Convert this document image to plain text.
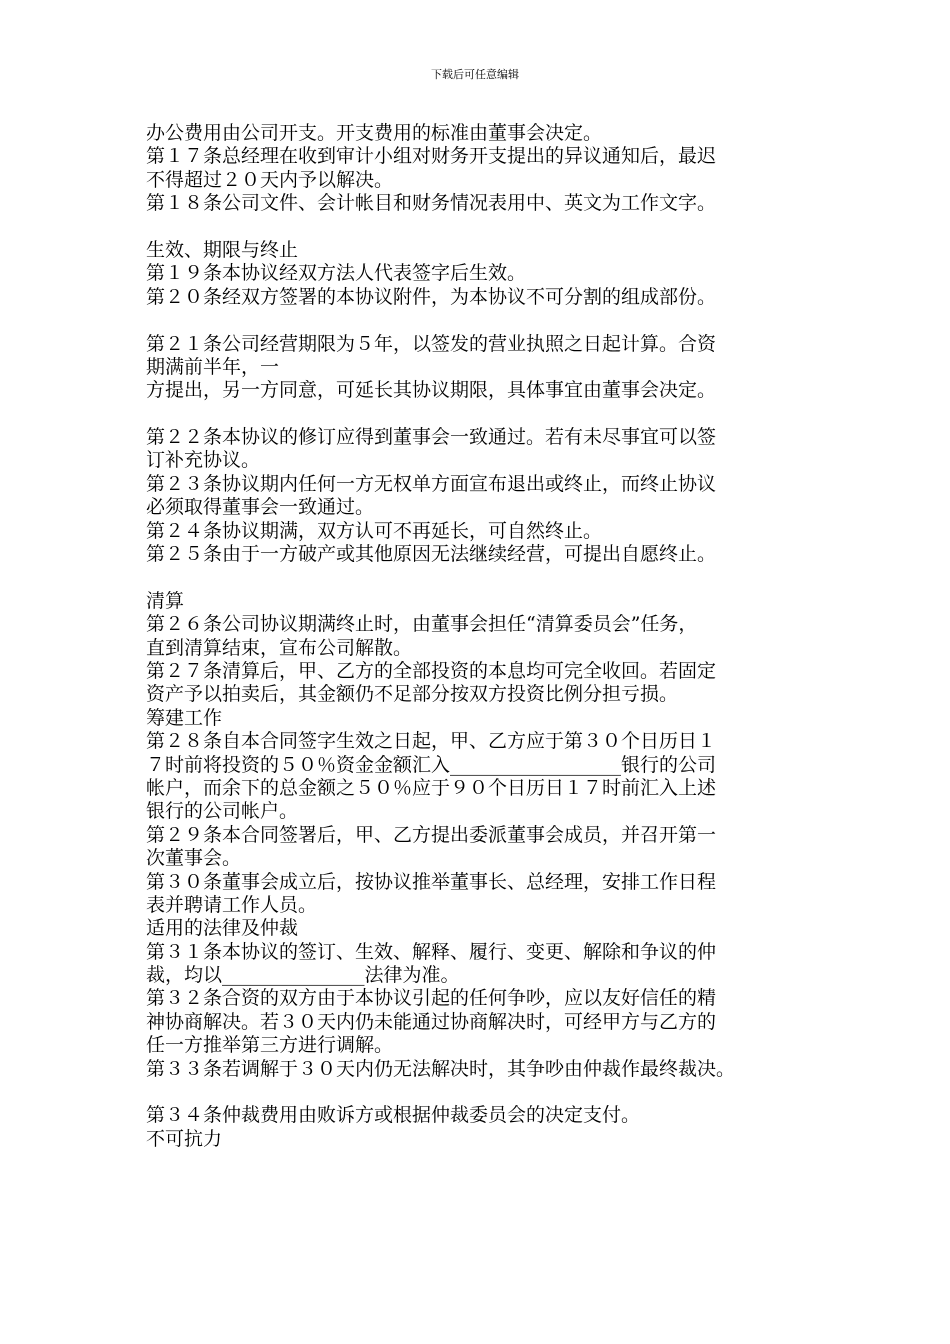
下载后可任意编辑
办公费用由公司开支。开支费用的标准由董事会决定。
第１７条总经理在收到审计小组对财务开支提出的异议通知后，最迟
不得超过２０天内予以解决。
第１８条公司文件、会计帐目和财务情况表用中、英文为工作文字。
生效、期限与终止
第１９条本协议经双方法人代表签字后生效。
第２０条经双方签署的本协议附件，为本协议不可分割的组成部份。
第２１条公司经营期限为５年，以签发的营业执照之日起计算。合资
期满前半年，一
方提出，另一方同意，可延长其协议期限，具体事宜由董事会决定。
第２２条本协议的修订应得到董事会一致通过。若有未尽事宜可以签
订补充协议。
第２３条协议期内任何一方无权单方面宣布退出或终止，而终止协议
必须取得董事会一致通过。
第２４条协议期满，双方认可不再延长，可自然终止。
第２５条由于一方破产或其他原因无法继续经营，可提出自愿终止。
清算
第２６条公司协议期满终止时，由董事会担任“清算委员会”任务，
直到清算结束，宣布公司解散。
第２７条清算后，甲、乙方的全部投资的本息均可完全收回。若固定
资产予以拍卖后，其金额仍不足部分按双方投资比例分担亏损。
筹建工作
第２８条自本合同签字生效之日起，甲、乙方应于第３０个日历日１
７时前将投资的５０％资金金额汇入__________________银行的公司
帐户，而余下的总金额之５０％应于９０个日历日１７时前汇入上述
银行的公司帐户。
第２９条本合同签署后，甲、乙方提出委派董事会成员，并召开第一
次董事会。
第３０条董事会成立后，按协议推举董事长、总经理，安排工作日程
表并聘请工作人员。
适用的法律及仲裁
第３１条本协议的签订、生效、解释、履行、变更、解除和争议的仲
裁，均以_______________法律为准。
第３２条合资的双方由于本协议引起的任何争吵，应以友好信任的精
神协商解决。若３０天内仍未能通过协商解决时，可经甲方与乙方的
任一方推举第三方进行调解。
第３３条若调解于３０天内仍无法解决时，其争吵由仲裁作最终裁决。
第３４条仲裁费用由败诉方或根据仲裁委员会的决定支付。
不可抗力
